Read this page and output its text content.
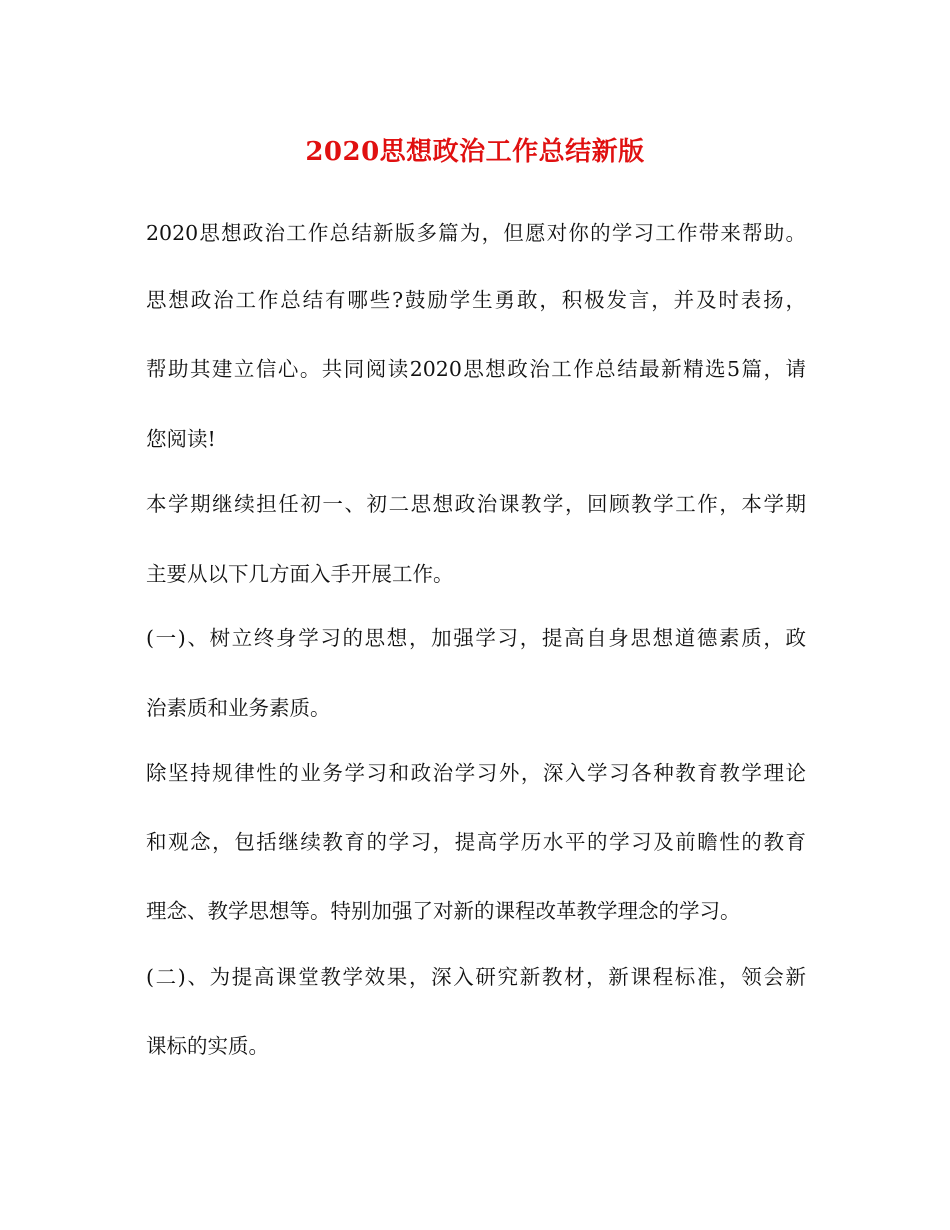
2020思想政治工作总结新版
2020思想政治工作总结新版多篇为，但愿对你的学习工作带来帮助。
思想政治工作总结有哪些?鼓励学生勇敢，积极发言，并及时表扬，
帮助其建立信心。共同阅读2020思想政治工作总结最新精选5篇，请
您阅读!
本学期继续担任初一、初二思想政治课教学，回顾教学工作，本学期
主要从以下几方面入手开展工作。
(一)、树立终身学习的思想，加强学习，提高自身思想道德素质，政
治素质和业务素质。
除坚持规律性的业务学习和政治学习外，深入学习各种教育教学理论
和观念，包括继续教育的学习，提高学历水平的学习及前瞻性的教育
理念、教学思想等。特别加强了对新的课程改革教学理念的学习。
(二)、为提高课堂教学效果，深入研究新教材，新课程标准，领会新
课标的实质。
